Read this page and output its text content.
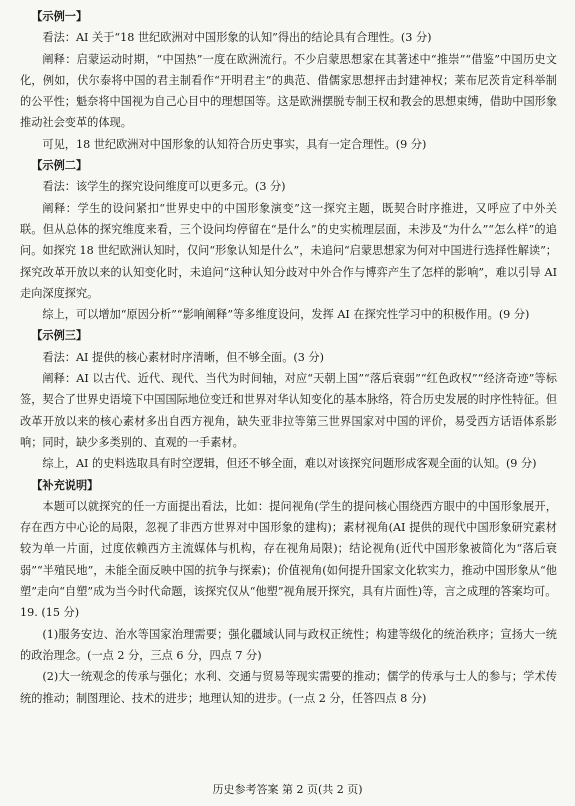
【示例一】

看法：AI 关于“18 世纪欧洲对中国形象的认知”得出的结论具有合理性。(3 分)

阐释：启蒙运动时期，“中国热”一度在欧洲流行。不少启蒙思想家在其著述中“推崇”“借鉴”中国历史文化，例如，伏尔泰将中国的君主制看作“开明君主”的典范、借儒家思想抨击封建神权；莱布尼茨肯定科举制的公平性；魁奈将中国视为自己心目中的理想国等。这是欧洲摆脱专制王权和教会的思想束缚，借助中国形象推动社会变革的体现。

可见，18 世纪欧洲对中国形象的认知符合历史事实，具有一定合理性。(9 分)

【示例二】

看法：该学生的探究设问维度可以更多元。(3 分)

阐释：学生的设问紧扣“世界史中的中国形象演变”这一探究主题，既契合时序推进，又呼应了中外关联。但从总体的探究维度来看，三个设问均停留在“是什么”的史实梳理层面，未涉及“为什么”“怎么样”的追问。如探究 18 世纪欧洲认知时，仅问“形象认知是什么”，未追问“启蒙思想家为何对中国进行选择性解读”；探究改革开放以来的认知变化时，未追问“这种认知分歧对中外合作与博弈产生了怎样的影响”，难以引导 AI 走向深度探究。

综上，可以增加“原因分析”“影响阐释”等多维度设问，发挥 AI 在探究性学习中的积极作用。(9 分)

【示例三】

看法：AI 提供的核心素材时序清晰，但不够全面。(3 分)

阐释：AI 以古代、近代、现代、当代为时间轴，对应“天朝上国”“落后衰弱”“红色政权”“经济奇迹”等标签，契合了世界史语境下中国国际地位变迁和世界对华认知变化的基本脉络，符合历史发展的时序性特征。但改革开放以来的核心素材多出自西方视角，缺失亚非拉等第三世界国家对中国的评价，易受西方话语体系影响；同时，缺少多类别的、直观的一手素材。

综上，AI 的史料选取具有时空逻辑，但还不够全面，难以对该探究问题形成客观全面的认知。(9 分)

【补充说明】

本题可以就探究的任一方面提出看法，比如：提问视角(学生的提问核心围绕西方眼中的中国形象展开，存在西方中心论的局限，忽视了非西方世界对中国形象的建构)；素材视角(AI 提供的现代中国形象研究素材较为单一片面，过度依赖西方主流媒体与机构，存在视角局限)；结论视角(近代中国形象被简化为“落后衰弱”“半殖民地”，未能全面反映中国的抗争与探索)；价值视角(如何提升国家文化软实力，推动中国形象从“他塑”走向“自塑”成为当今时代命题，该探究仅从“他塑”视角展开探究，具有片面性)等，言之成理的答案均可。

19. (15 分)

(1)服务安边、治水等国家治理需要；强化疆域认同与政权正统性；构建等级化的统治秩序；宣扬大一统的政治理念。(一点 2 分，三点 6 分，四点 7 分)

(2)大一统观念的传承与强化；水利、交通与贸易等现实需要的推动；儒学的传承与士人的参与；学术传统的推动；制图理论、技术的进步；地理认知的进步。(一点 2 分，任答四点 8 分)

历史参考答案 第 2 页(共 2 页)
